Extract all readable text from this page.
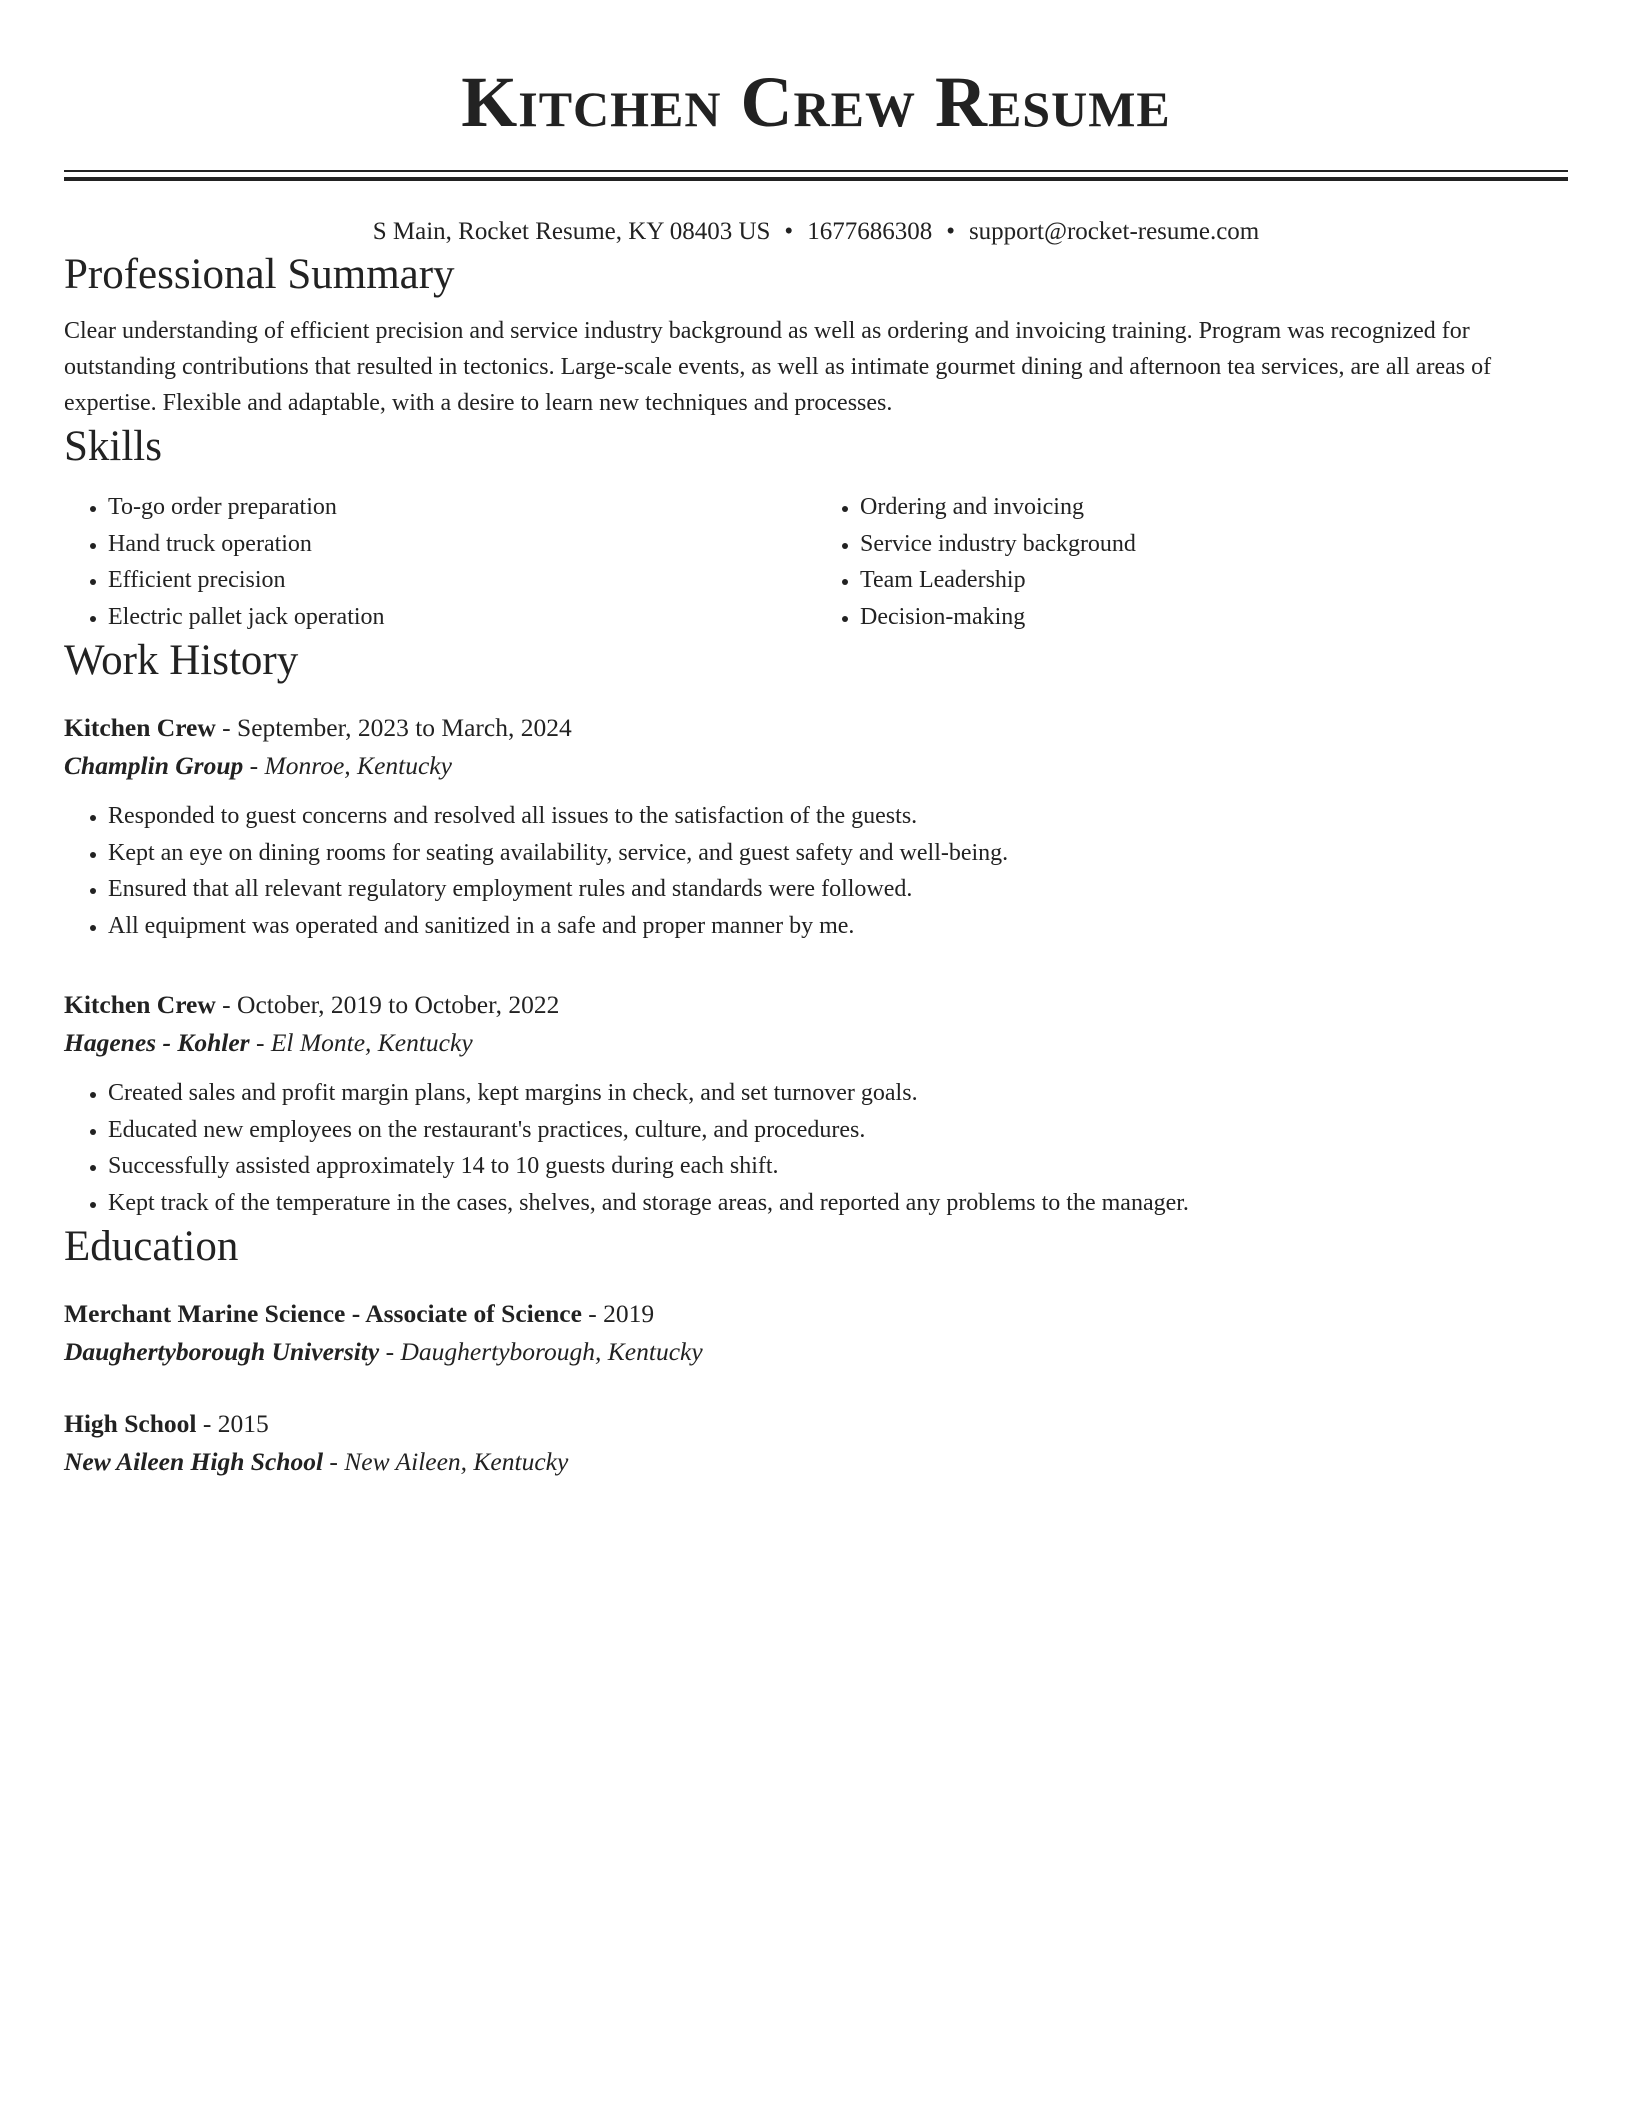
Kitchen Crew Resume
S Main, Rocket Resume, KY 08403 US • 1677686308 • support@rocket-resume.com
Professional Summary

Clear understanding of efficient precision and service industry background as well as ordering and invoicing training. Program was recognized for outstanding contributions that resulted in tectonics. Large-scale events, as well as intimate gourmet dining and afternoon tea services, are all areas of expertise. Flexible and adaptable, with a desire to learn new techniques and processes.

Skills
• To-go order preparation
• Hand truck operation
• Efficient precision
• Electric pallet jack operation
• Ordering and invoicing
• Service industry background
• Team Leadership
• Decision-making
Work History
Kitchen Crew - September, 2023 to March, 2024
Champlin Group - Monroe, Kentucky
• Responded to guest concerns and resolved all issues to the satisfaction of the guests.
• Kept an eye on dining rooms for seating availability, service, and guest safety and well-being.
• Ensured that all relevant regulatory employment rules and standards were followed.
• All equipment was operated and sanitized in a safe and proper manner by me.
Kitchen Crew - October, 2019 to October, 2022
Hagenes - Kohler - El Monte, Kentucky
• Created sales and profit margin plans, kept margins in check, and set turnover goals.
• Educated new employees on the restaurant's practices, culture, and procedures.
• Successfully assisted approximately 14 to 10 guests during each shift.
• Kept track of the temperature in the cases, shelves, and storage areas, and reported any problems to the manager.
Education
Merchant Marine Science - Associate of Science - 2019
Daughertyborough University - Daughertyborough, Kentucky
High School - 2015
New Aileen High School - New Aileen, Kentucky
